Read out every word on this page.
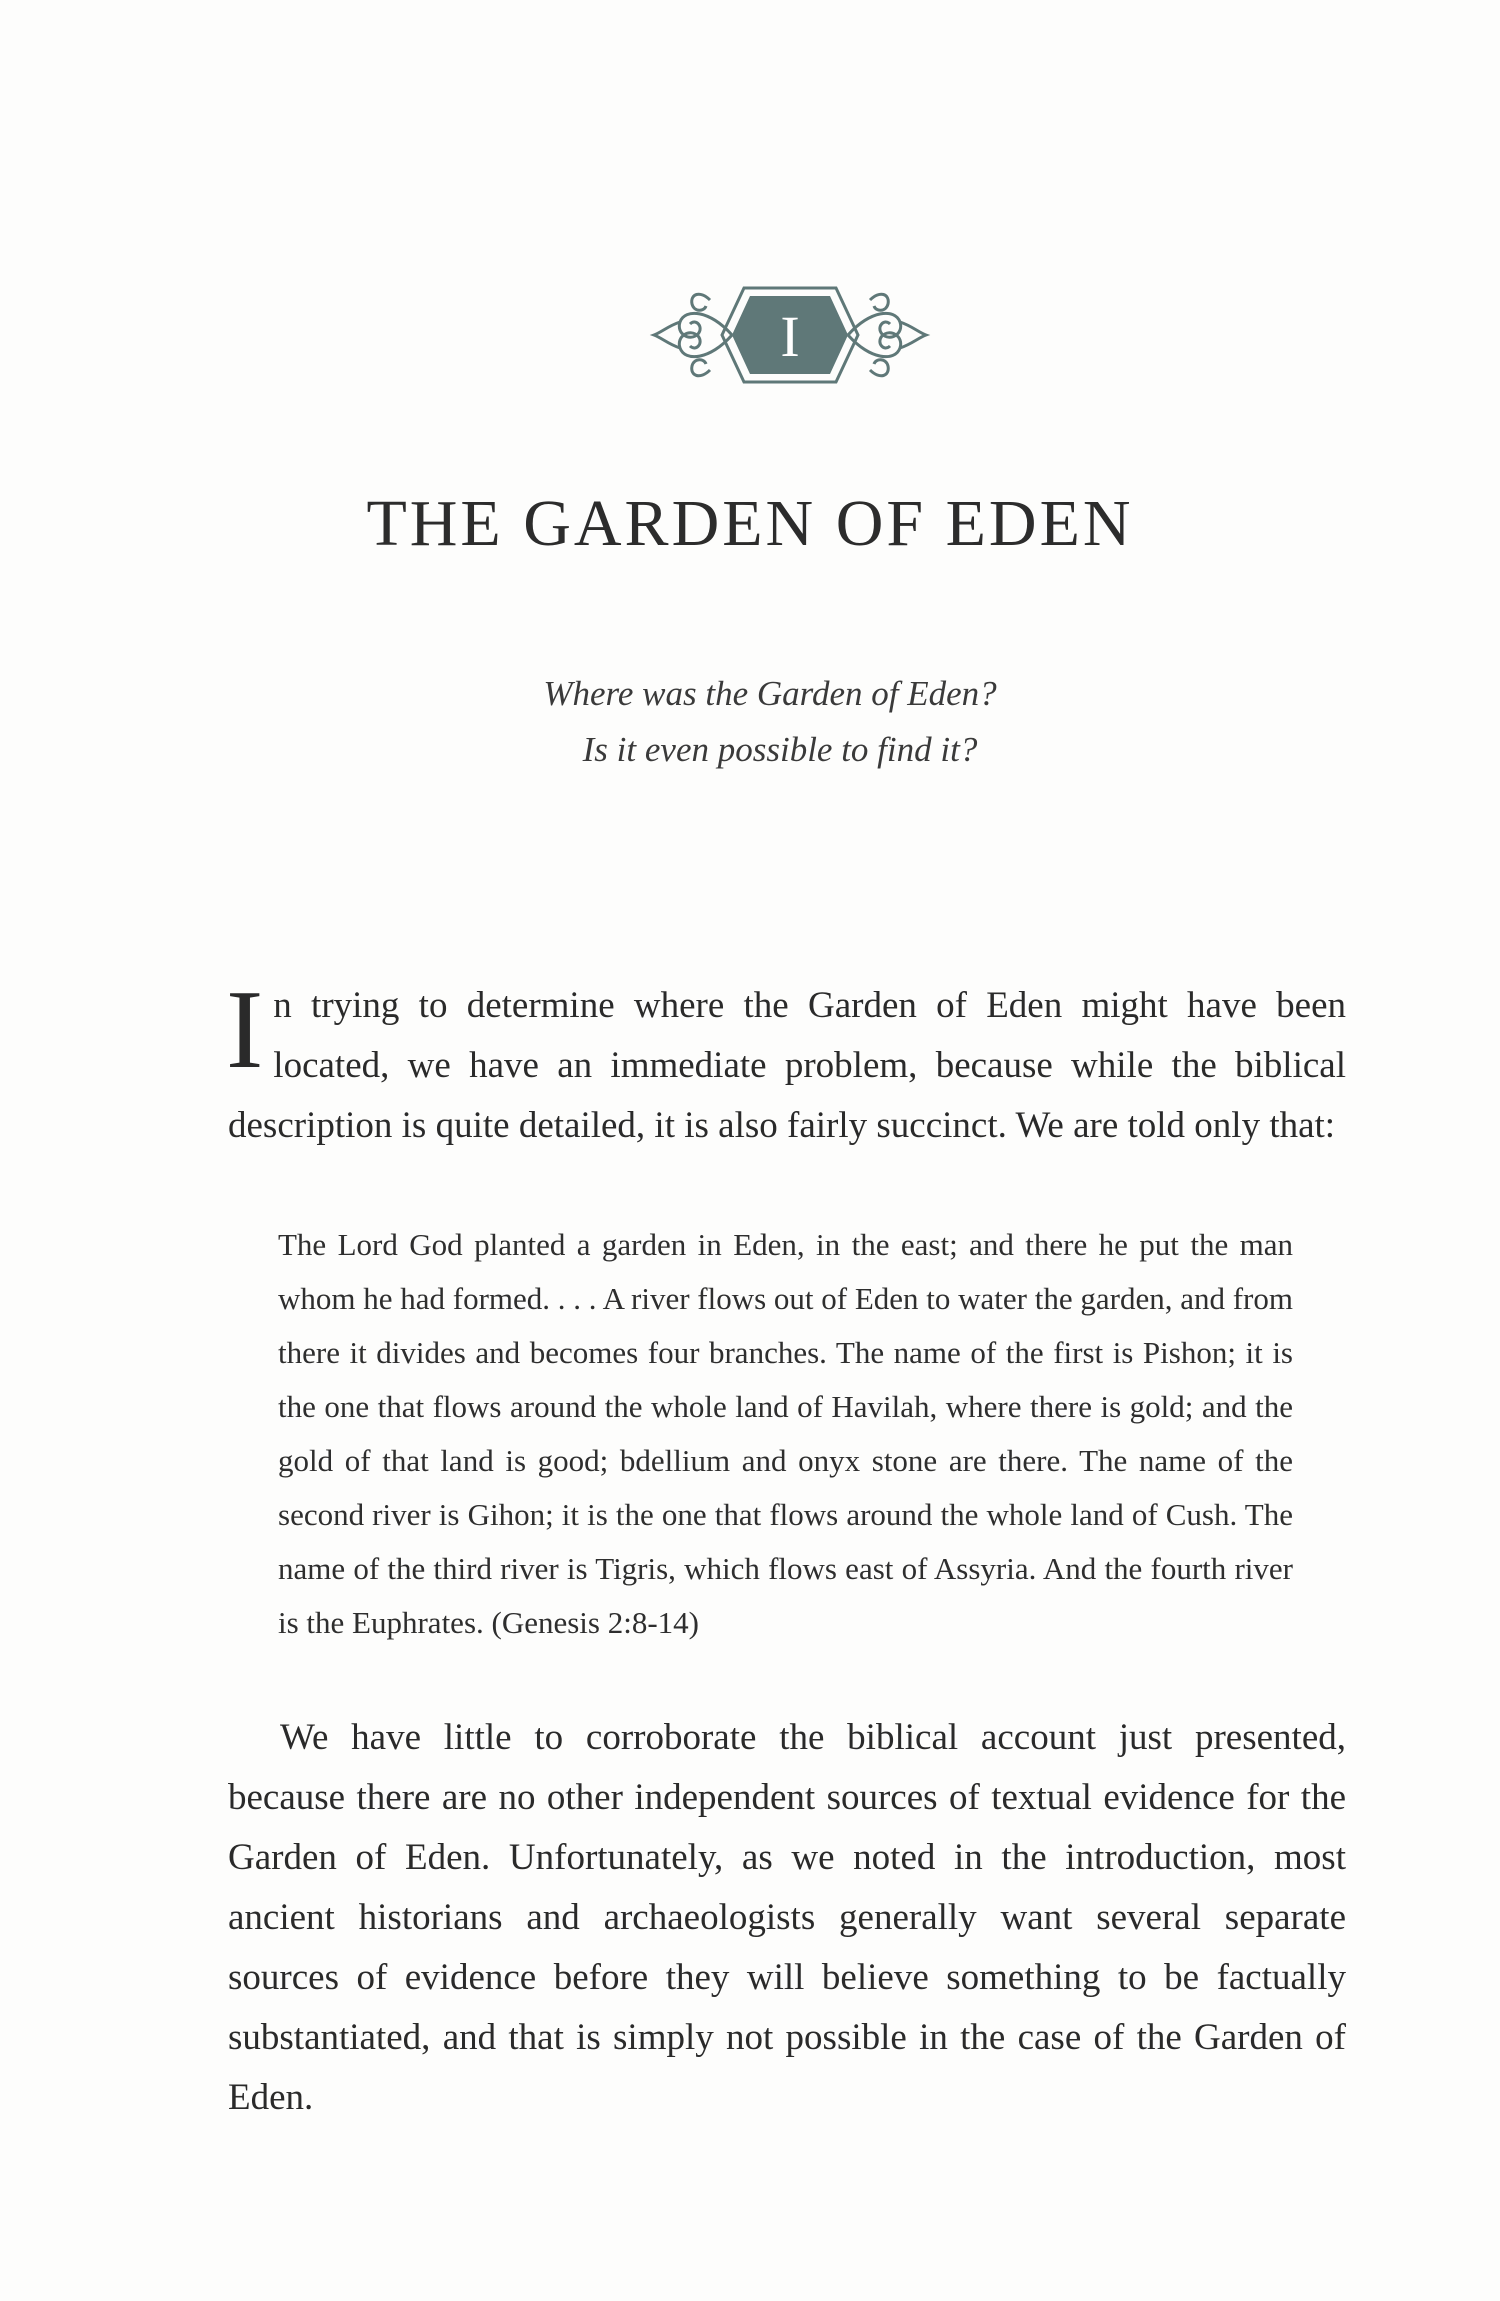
I
THE GARDEN OF EDEN

Where was the Garden of Eden?

Is it even possible to find it?

In trying to determine where the Garden of Eden might have been located, we have an immediate problem, because while the biblical description is quite detailed, it is also fairly succinct. We are told only that:

The Lord God planted a garden in Eden, in the east; and there he put the man whom he had formed. . . . A river flows out of Eden to water the garden, and from there it divides and becomes four branches. The name of the first is Pishon; it is the one that flows around the whole land of Havilah, where there is gold; and the gold of that land is good; bdellium and onyx stone are there. The name of the second river is Gihon; it is the one that flows around the whole land of Cush. The name of the third river is Tigris, which flows east of Assyria. And the fourth river is the Euphrates. (Genesis 2:8-14)

We have little to corroborate the biblical account just presented, because there are no other independent sources of textual evidence for the Garden of Eden. Unfortunately, as we noted in the introduction, most ancient historians and archaeologists generally want several separate sources of evidence before they will believe something to be factually substantiated, and that is simply not possible in the case of the Garden of Eden.
